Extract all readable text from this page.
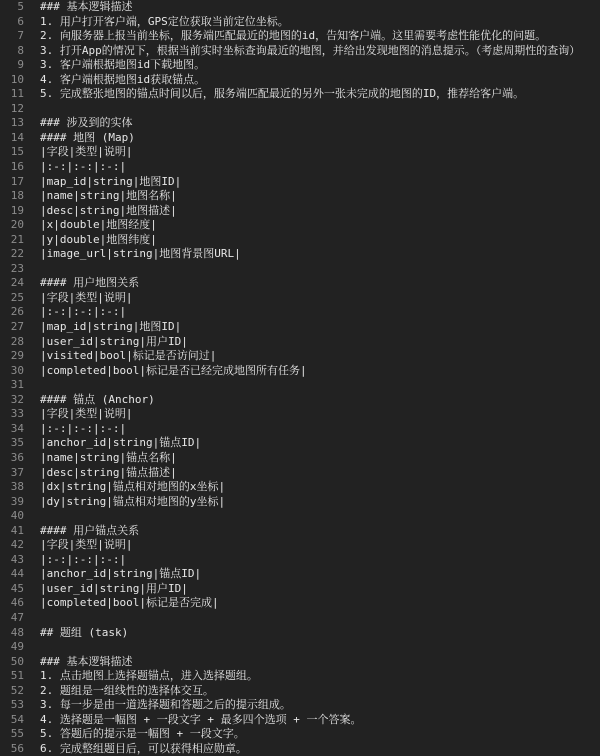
5	### 基本逻辑描述
6	1. 用户打开客户端，GPS定位获取当前定位坐标。
7	2. 向服务器上报当前坐标，服务端匹配最近的地图的id，告知客户端。这里需要考虑性能优化的问题。
8	3. 打开App的情况下，根据当前实时坐标查询最近的地图，并给出发现地图的消息提示。（考虑周期性的查询）
9	3. 客户端根据地图id下载地图。
10	4. 客户端根据地图id获取锚点。
11	5. 完成整张地图的锚点时间以后，服务端匹配最近的另外一张未完成的地图的ID，推荐给客户端。
12
13	### 涉及到的实体
14	#### 地图 (Map)
15	|字段|类型|说明|
16	|:-:|:-:|:-:|
17	|map_id|string|地图ID|
18	|name|string|地图名称|
19	|desc|string|地图描述|
20	|x|double|地图经度|
21	|y|double|地图纬度|
22	|image_url|string|地图背景图URL|
23
24	#### 用户地图关系
25	|字段|类型|说明|
26	|:-:|:-:|:-:|
27	|map_id|string|地图ID|
28	|user_id|string|用户ID|
29	|visited|bool|标记是否访问过|
30	|completed|bool|标记是否已经完成地图所有任务|
31
32	#### 锚点 (Anchor)
33	|字段|类型|说明|
34	|:-:|:-:|:-:|
35	|anchor_id|string|锚点ID|
36	|name|string|锚点名称|
37	|desc|string|锚点描述|
38	|dx|string|锚点相对地图的x坐标|
39	|dy|string|锚点相对地图的y坐标|
40
41	#### 用户锚点关系
42	|字段|类型|说明|
43	|:-:|:-:|:-:|
44	|anchor_id|string|锚点ID|
45	|user_id|string|用户ID|
46	|completed|bool|标记是否完成|
47
48	## 题组 (task)
49
50	### 基本逻辑描述
51	1. 点击地图上选择题锚点，进入选择题组。
52	2. 题组是一组线性的选择体交互。
53	3. 每一步是由一道选择题和答题之后的提示组成。
54	4. 选择题是一幅图 + 一段文字 + 最多四个选项 + 一个答案。
55	5. 答题后的提示是一幅图 + 一段文字。
56	6. 完成整组题目后，可以获得相应勋章。
